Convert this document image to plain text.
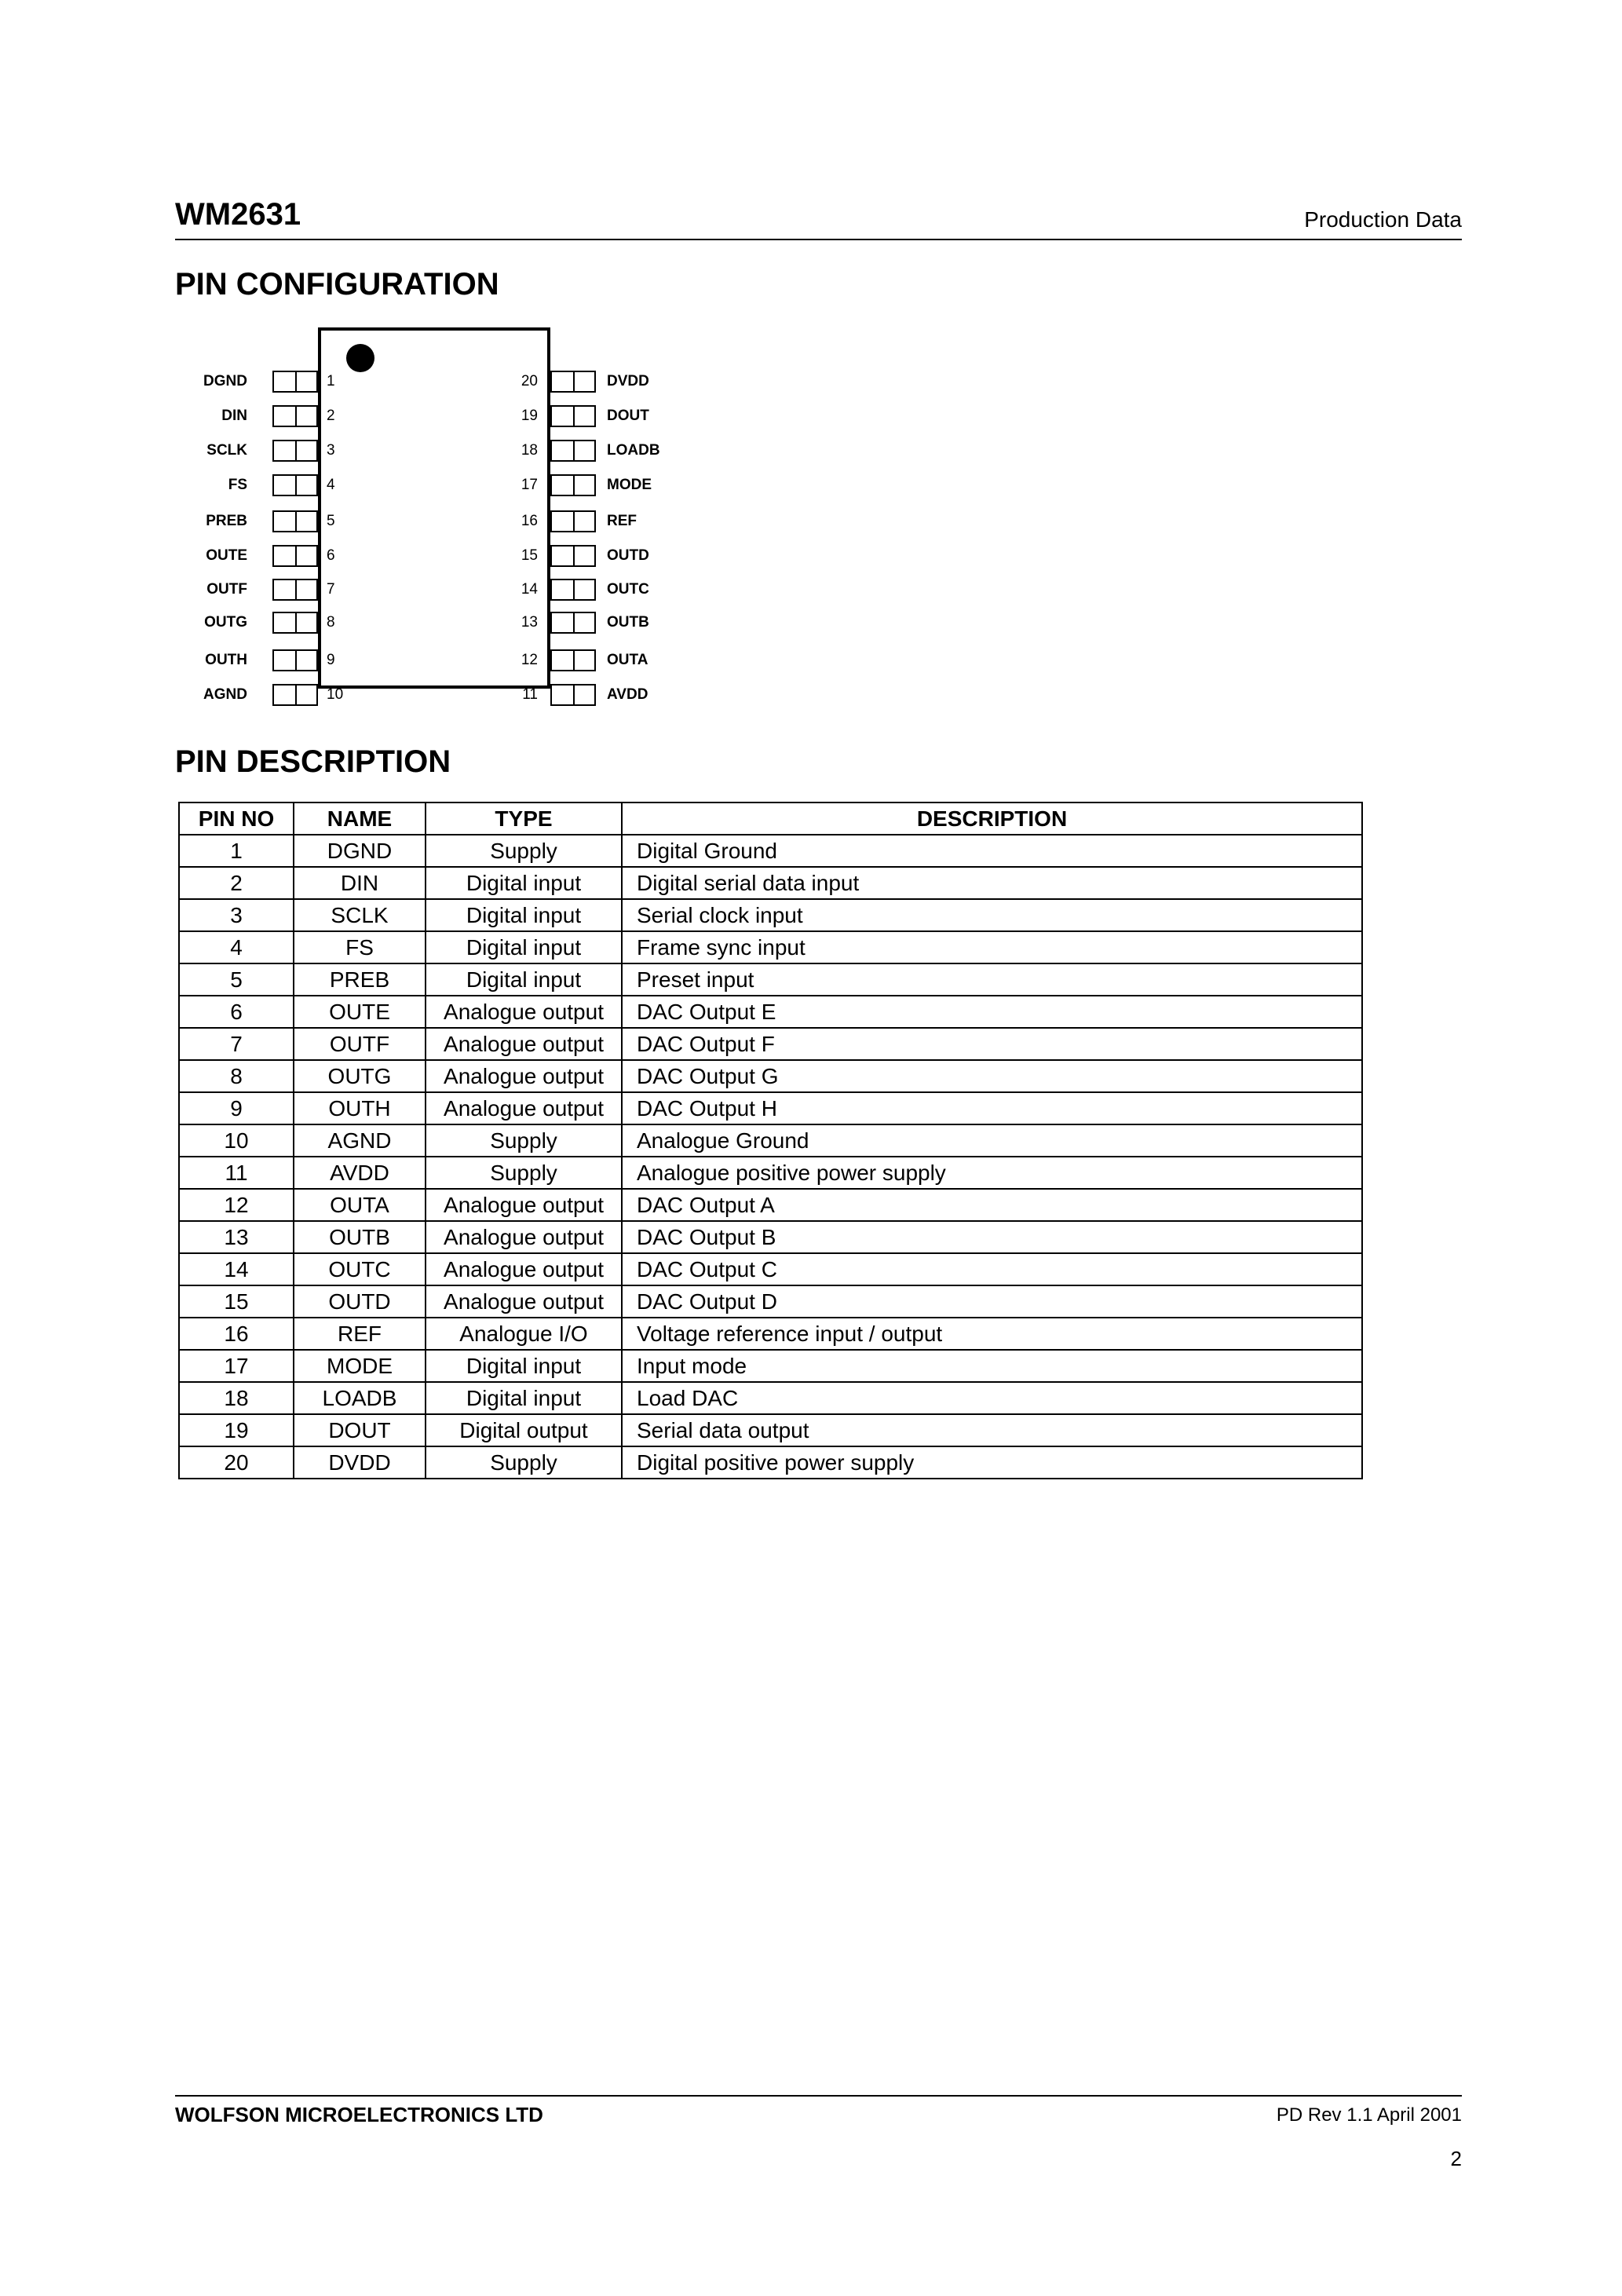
WM2631	Production Data
PIN CONFIGURATION
DGND	1
DIN	2
SCLK	3
FS	4
PREB	5
OUTE	6
OUTF	7
OUTG	8
OUTH	9
AGND	10
DVDD
20
DOUT
19
LOADB
18
MODE
17
REF
16
OUTD
15
OUTC
14
OUTB
13
OUTA
12
AVDD
11
PIN DESCRIPTION
PIN NO	NAME	TYPE	DESCRIPTION
1	DGND	Supply	Digital Ground
2	DIN	Digital input	Digital serial data input
3	SCLK	Digital input	Serial clock input
4	FS	Digital input	Frame sync input
5	PREB	Digital input	Preset input
6	OUTE	Analogue output	DAC Output E
7	OUTF	Analogue output	DAC Output F
8	OUTG	Analogue output	DAC Output G
9	OUTH	Analogue output	DAC Output H
10	AGND	Supply	Analogue Ground
11	AVDD	Supply	Analogue positive power supply
12	OUTA	Analogue output	DAC Output A
13	OUTB	Analogue output	DAC Output B
14	OUTC	Analogue output	DAC Output C
15	OUTD	Analogue output	DAC Output D
16	REF	Analogue I/O	Voltage reference input / output
17	MODE	Digital input	Input mode
18	LOADB	Digital input	Load DAC
19	DOUT	Digital output	Serial data output
20	DVDD	Supply	Digital positive power supply
WOLFSON MICROELECTRONICS LTD	PD Rev 1.1 April 2001
2
